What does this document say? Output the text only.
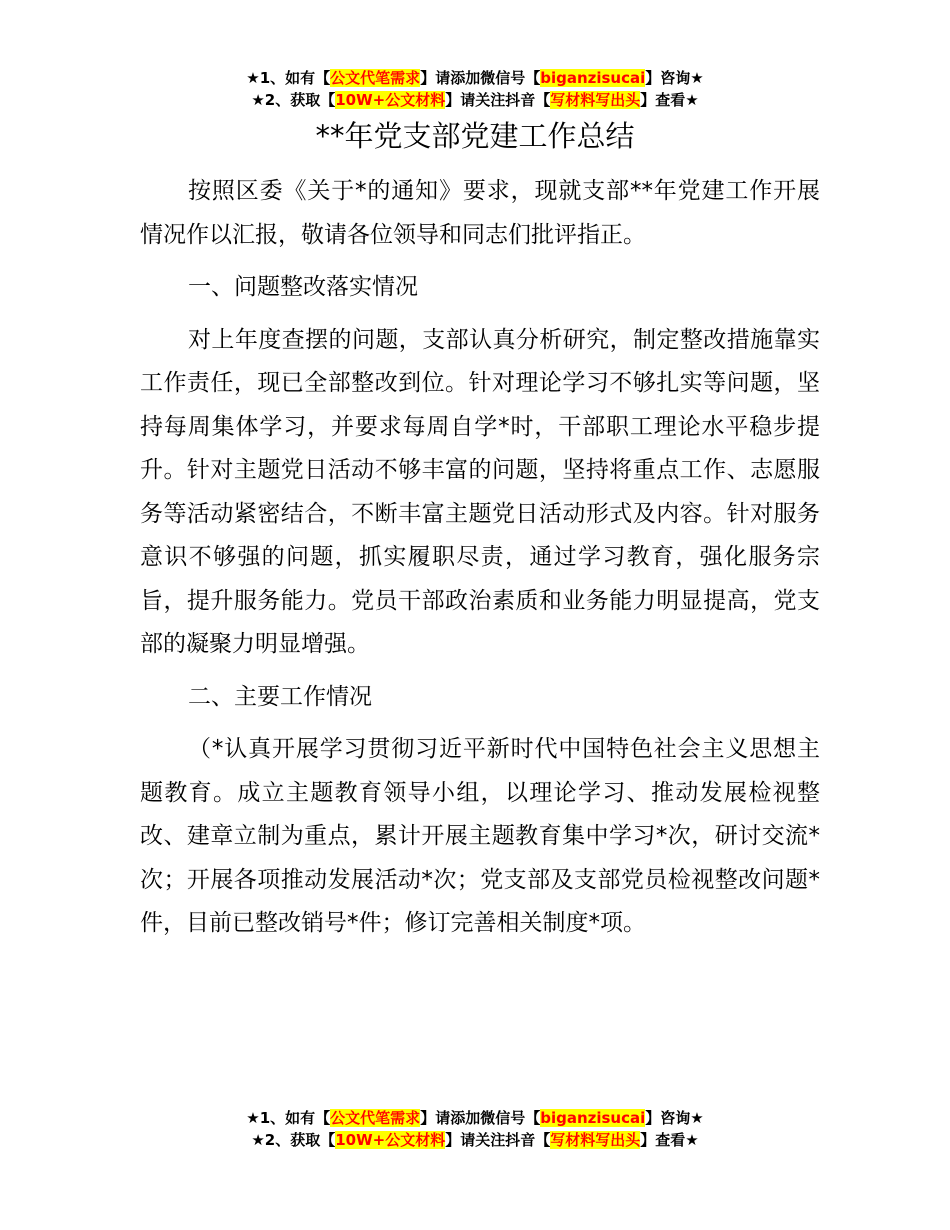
★1、如有【公文代笔需求】请添加微信号【biganzisucai】咨询★
★2、获取【10W+公文材料】请关注抖音【写材料写出头】查看★
**年党支部党建工作总结

按照区委《关于*的通知》要求，现就支部**年党建工作开展情况作以汇报，敬请各位领导和同志们批评指正。

一、问题整改落实情况

对上年度查摆的问题，支部认真分析研究，制定整改措施靠实工作责任，现已全部整改到位。针对理论学习不够扎实等问题，坚持每周集体学习，并要求每周自学*时，干部职工理论水平稳步提升。针对主题党日活动不够丰富的问题，坚持将重点工作、志愿服务等活动紧密结合，不断丰富主题党日活动形式及内容。针对服务意识不够强的问题，抓实履职尽责，通过学习教育，强化服务宗旨，提升服务能力。党员干部政治素质和业务能力明显提高，党支部的凝聚力明显增强。

二、主要工作情况

（*认真开展学习贯彻习近平新时代中国特色社会主义思想主题教育。成立主题教育领导小组，以理论学习、推动发展检视整改、建章立制为重点，累计开展主题教育集中学习*次，研讨交流*次；开展各项推动发展活动*次；党支部及支部党员检视整改问题*件，目前已整改销号*件；修订完善相关制度*项。

★1、如有【公文代笔需求】请添加微信号【biganzisucai】咨询★
★2、获取【10W+公文材料】请关注抖音【写材料写出头】查看★
